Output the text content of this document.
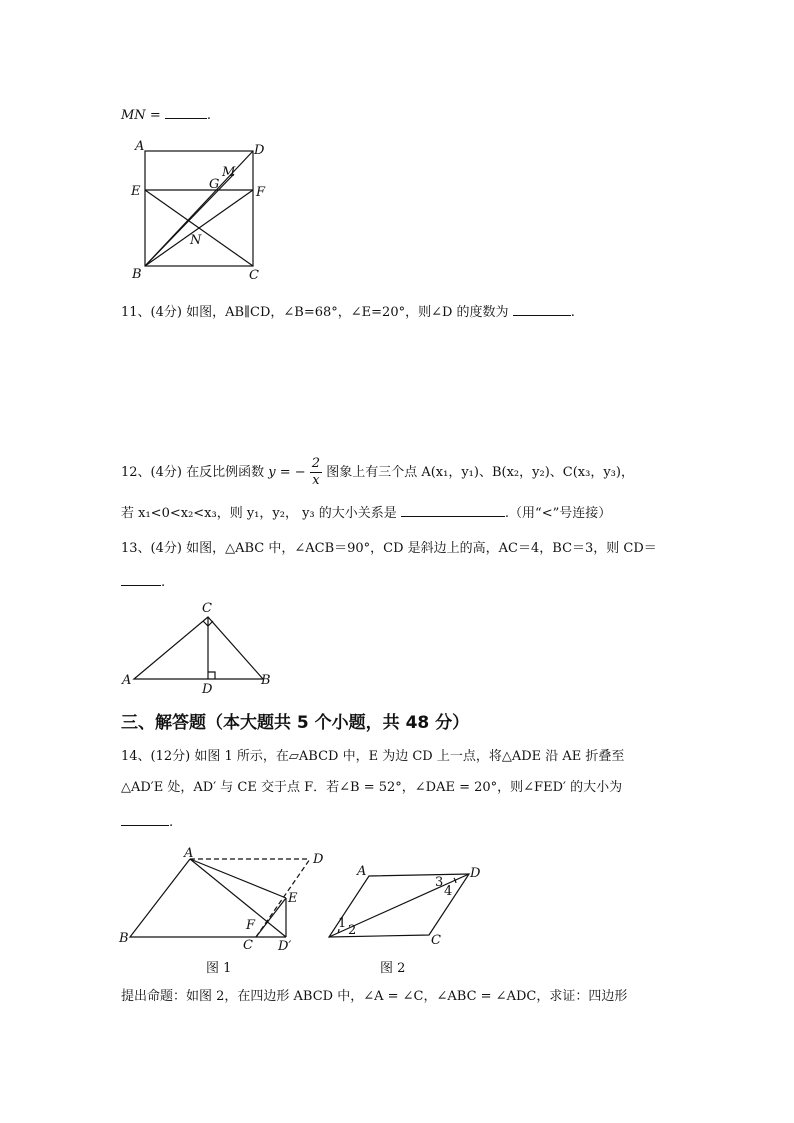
MN =	.
A	D
E	F
M
G
N
B	C
11、(4分) 如图，AB∥CD，∠B=68°，∠E=20°，则∠D 的度数为	.
12、(4分) 在反比例函数 y = − $\frac{2}{x}$ 图象上有三个点 A(x₁，y₁)、B(x₂，y₂)、C(x₃，y₃)，
若 x₁<0<x₂<x₃，则 y₁，y₂， y₃ 的大小关系是	.（用“<”号连接）
13、(4分) 如图，△ABC 中，∠ACB＝90°，CD 是斜边上的高，AC＝4，BC＝3，则 CD＝
.
C
A
D
B
三、解答题（本大题共 5 个小题，共 48 分）
14、(12分) 如图 1 所示，在▱ABCD 中，E 为边 CD 上一点，将△ADE 沿 AE 折叠至
△AD′E 处，AD′ 与 CE 交于点 F．若∠B = 52°，∠DAE = 20°，则∠FED′ 的大小为
.
A	D
E
F
B	C D′
图 1
A	D
C
1 2
3
4
图 2
提出命题：如图 2，在四边形 ABCD 中，∠A = ∠C，∠ABC = ∠ADC，求证：四边形
